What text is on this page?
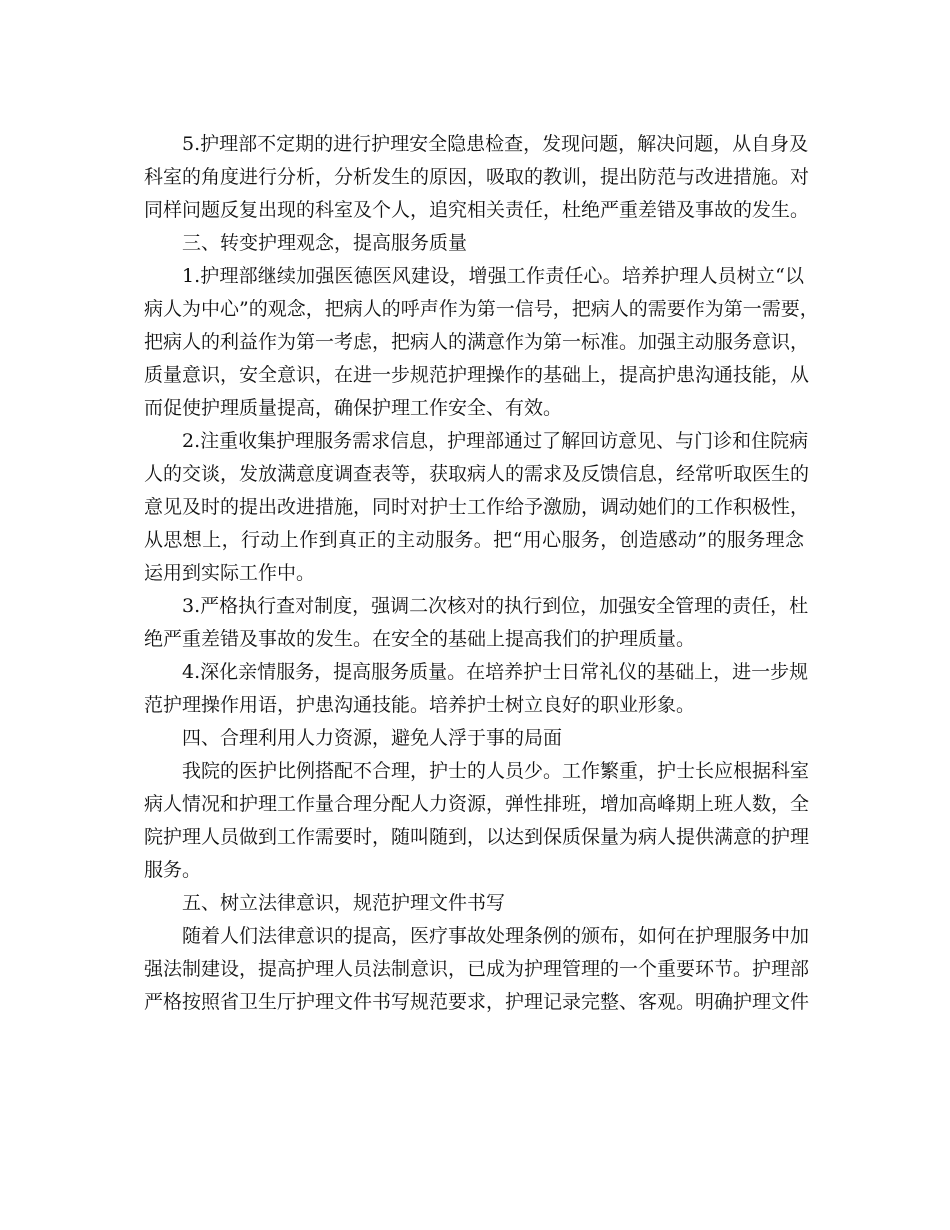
5.护理部不定期的进行护理安全隐患检查，发现问题，解决问题，从自身及
科室的角度进行分析，分析发生的原因，吸取的教训，提出防范与改进措施。对
同样问题反复出现的科室及个人，追究相关责任，杜绝严重差错及事故的发生。
三、转变护理观念，提高服务质量
1.护理部继续加强医德医风建设，增强工作责任心。培养护理人员树立“以
病人为中心”的观念，把病人的呼声作为第一信号，把病人的需要作为第一需要，
把病人的利益作为第一考虑，把病人的满意作为第一标准。加强主动服务意识，
质量意识，安全意识，在进一步规范护理操作的基础上，提高护患沟通技能，从
而促使护理质量提高，确保护理工作安全、有效。
2.注重收集护理服务需求信息，护理部通过了解回访意见、与门诊和住院病
人的交谈，发放满意度调查表等，获取病人的需求及反馈信息，经常听取医生的
意见及时的提出改进措施，同时对护士工作给予激励，调动她们的工作积极性，
从思想上，行动上作到真正的主动服务。把“用心服务，创造感动”的服务理念
运用到实际工作中。
3.严格执行查对制度，强调二次核对的执行到位，加强安全管理的责任，杜
绝严重差错及事故的发生。在安全的基础上提高我们的护理质量。
4.深化亲情服务，提高服务质量。在培养护士日常礼仪的基础上，进一步规
范护理操作用语，护患沟通技能。培养护士树立良好的职业形象。
四、合理利用人力资源，避免人浮于事的局面
我院的医护比例搭配不合理，护士的人员少。工作繁重，护士长应根据科室
病人情况和护理工作量合理分配人力资源，弹性排班，增加高峰期上班人数，全
院护理人员做到工作需要时，随叫随到，以达到保质保量为病人提供满意的护理
服务。
五、树立法律意识，规范护理文件书写
随着人们法律意识的提高，医疗事故处理条例的颁布，如何在护理服务中加
强法制建设，提高护理人员法制意识，已成为护理管理的一个重要环节。护理部
严格按照省卫生厅护理文件书写规范要求，护理记录完整、客观。明确护理文件
